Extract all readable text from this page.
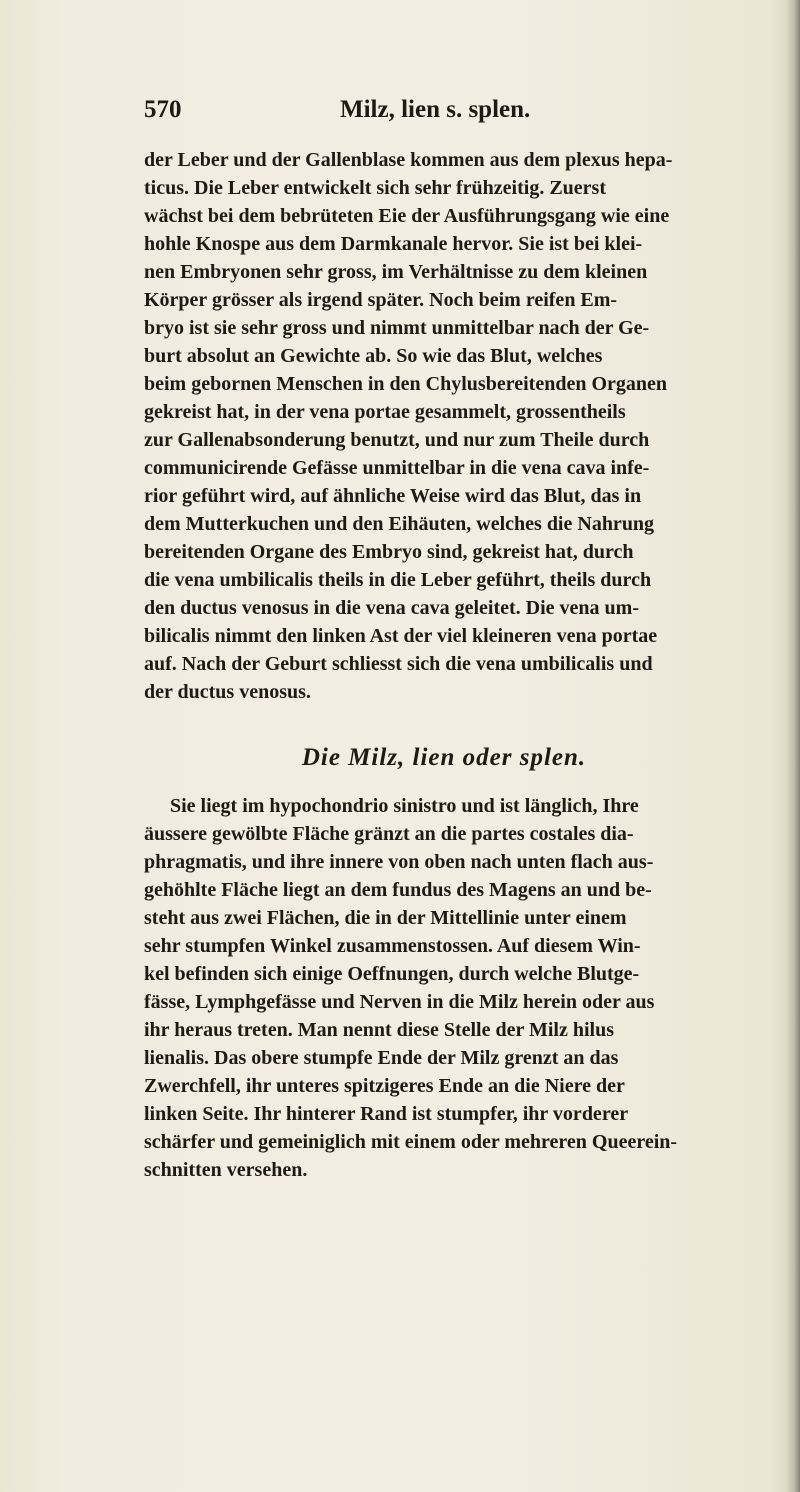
570	Milz, lien s. splen.
der Leber und der Gallenblase kommen aus dem plexus hepa-
ticus. Die Leber entwickelt sich sehr frühzeitig. Zuerst
wächst bei dem bebrüteten Eie der Ausführungsgang wie eine
hohle Knospe aus dem Darmkanale hervor. Sie ist bei klei-
nen Embryonen sehr gross, im Verhältnisse zu dem kleinen
Körper grösser als irgend später. Noch beim reifen Em-
bryo ist sie sehr gross und nimmt unmittelbar nach der Ge-
burt absolut an Gewichte ab. So wie das Blut, welches
beim gebornen Menschen in den Chylusbereitenden Organen
gekreist hat, in der vena portae gesammelt, grossentheils
zur Gallenabsonderung benutzt, und nur zum Theile durch
communicirende Gefässe unmittelbar in die vena cava infe-
rior geführt wird, auf ähnliche Weise wird das Blut, das in
dem Mutterkuchen und den Eihäuten, welches die Nahrung
bereitenden Organe des Embryo sind, gekreist hat, durch
die vena umbilicalis theils in die Leber geführt, theils durch
den ductus venosus in die vena cava geleitet. Die vena um-
bilicalis nimmt den linken Ast der viel kleineren vena portae
auf. Nach der Geburt schliesst sich die vena umbilicalis und
der ductus venosus.
Die Milz, lien oder splen.
Sie liegt im hypochondrio sinistro und ist länglich, Ihre
äussere gewölbte Fläche gränzt an die partes costales dia-
phragmatis, und ihre innere von oben nach unten flach aus-
gehöhlte Fläche liegt an dem fundus des Magens an und be-
steht aus zwei Flächen, die in der Mittellinie unter einem
sehr stumpfen Winkel zusammenstossen. Auf diesem Win-
kel befinden sich einige Oeffnungen, durch welche Blutge-
fässe, Lymphgefässe und Nerven in die Milz herein oder aus
ihr heraus treten. Man nennt diese Stelle der Milz hilus
lienalis. Das obere stumpfe Ende der Milz grenzt an das
Zwerchfell, ihr unteres spitzigeres Ende an die Niere der
linken Seite. Ihr hinterer Rand ist stumpfer, ihr vorderer
schärfer und gemeiniglich mit einem oder mehreren Queerein-
schnitten versehen.
